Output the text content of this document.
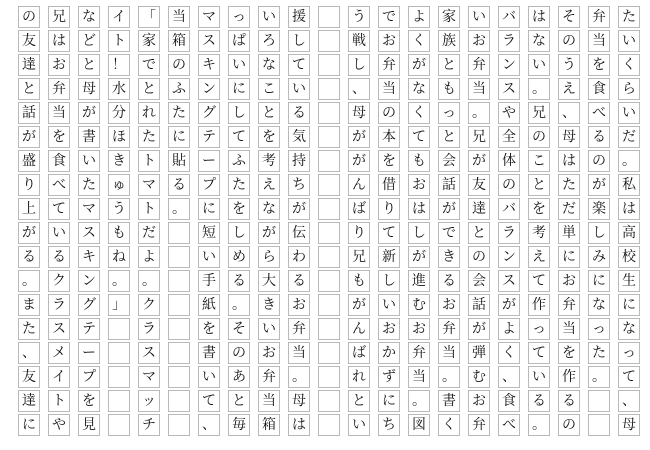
た
い
く
ら
い
だ
。
私
は
高
校
生
に
な
っ
て
、
母
弁
当
を
食
べ
る
の
が
楽
し
み
に
な
っ
た
。
そ
の
う
え
、
母
は
た
だ
単
に
お
弁
当
を
作
る
の
は
な
い
。
兄
の
こ
と
を
考
え
て
作
っ
て
い
る
。
バ
ラ
ン
ス
や
全
体
の
バ
ラ
ン
ス
が
よ
く
、
食
べ
い
お
弁
当
。
兄
が
友
達
と
の
会
話
が
弾
む
お
弁
家
族
と
も
っ
と
会
話
が
で
き
る
お
弁
当
。
書
く
よ
く
が
な
く
て
も
お
は
し
が
進
む
お
弁
当
。
図
で
お
弁
当
の
本
を
借
り
て
新
し
い
お
か
ず
に
ち
う
戦
し
、
母
が
が
ん
ば
り
兄
も
が
ん
ば
れ
と
い
援
し
て
い
る
気
持
ち
が
伝
わ
る
お
弁
当
。
母
は
い
ろ
な
こ
と
を
考
え
な
が
ら
大
き
い
お
弁
当
箱
っ
ぱ
い
に
し
て
ふ
た
を
し
め
る
。
そ
の
あ
と
毎
マ
ス
キ
ン
グ
テ
ー
プ
に
短
い
手
紙
を
書
い
て
、
当
箱
の
ふ
た
に
貼
る
。
「
家
で
と
れ
た
ト
マ
ト
だ
よ
。
ク
ラ
ス
マ
ッ
チ
イ
ト
！
水
分
ほ
き
ゅ
う
も
ね
。
」
な
ど
と
母
が
書
い
た
マ
ス
キ
ン
グ
テ
ー
プ
を
見
兄
は
お
弁
当
を
食
べ
て
い
る
ク
ラ
ス
メ
イ
ト
や
の
友
達
と
話
が
盛
り
上
が
る
。
ま
た
、
友
達
に
